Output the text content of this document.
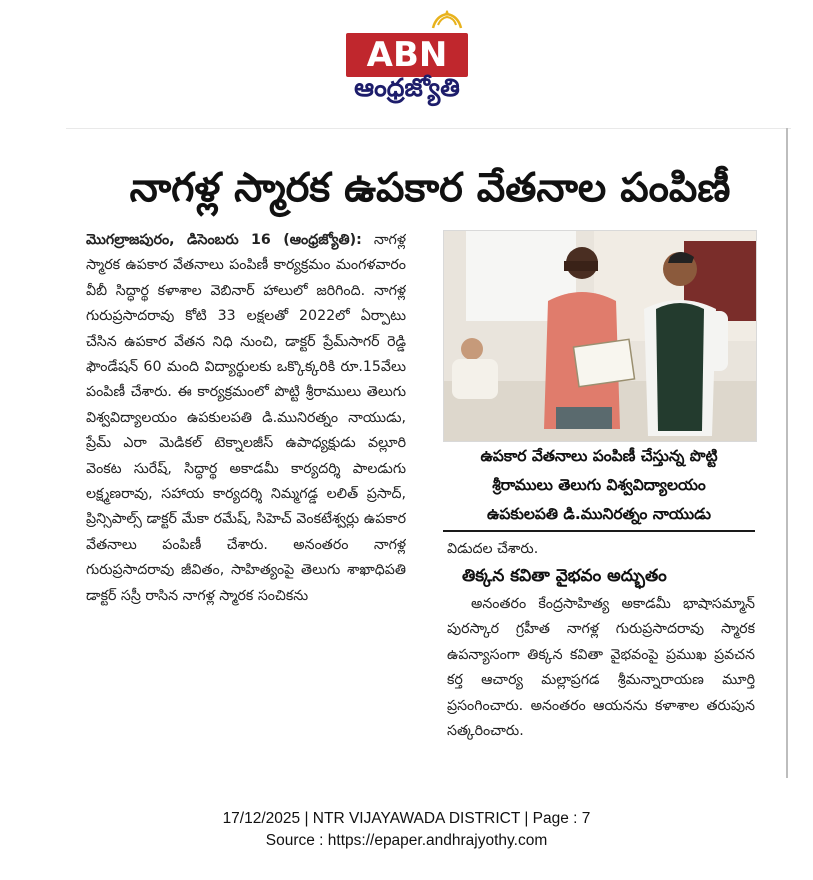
ABN
ఆంధ్రజ్యోతి
నాగళ్ల స్మారక ఉపకార వేతనాల పంపిణీ
మొగల్రాజపురం, డిసెంబరు 16 (ఆంధ్రజ్యోతి): నాగళ్ల స్మారక ఉపకార వేతనాలు పంపిణీ కార్యక్రమం మంగళవారం వీబీ సిద్ధార్థ కళాశాల వెబినార్ హాలులో జరిగింది. నాగళ్ల గురుప్రసాదరావు కోటి 33 లక్షలతో 2022లో ఏర్పాటు చేసిన ఉపకార వేతన నిధి నుంచి, డాక్టర్ ప్రేమ్‌సాగర్ రెడ్డి ఫౌండేషన్ 60 మంది విద్యార్థులకు ఒక్కొక్కరికి రూ.15వేలు పంపిణీ చేశారు. ఈ కార్యక్రమంలో పొట్టి శ్రీరాములు తెలుగు విశ్వవిద్యాలయం ఉపకులపతి డి.మునిరత్నం నాయుడు, ప్రేమ్ ఎరా మెడికల్ టెక్నాలజీస్ ఉపాధ్యక్షుడు వల్లూరి వెంకట సురేష్, సిద్ధార్థ అకాడమీ కార్యదర్శి పాలడుగు లక్ష్మణరావు, సహాయ కార్యదర్శి నిమ్మగడ్డ లలిత్ ప్రసాద్, ప్రిన్సిపాల్స్ డాక్టర్ మేకా రమేష్, సిహెచ్ వెంకటేశ్వర్లు ఉపకార వేతనాలు పంపిణీ చేశారు. అనంతరం నాగళ్ల గురుప్రసాదరావు జీవితం, సాహిత్యంపై తెలుగు శాఖాధిపతి డాక్టర్ సస్రీ రాసిన నాగళ్ల స్మారక సంచికను
ఉపకార వేతనాలు పంపిణీ చేస్తున్న పొట్టి
శ్రీరాములు తెలుగు విశ్వవిద్యాలయం
ఉపకులపతి డి.మునిరత్నం నాయుడు
విడుదల చేశారు.
తిక్కన కవితా వైభవం అద్భుతం
అనంతరం కేంద్రసాహిత్య అకాడమీ భాషాసమ్మాన్ పురస్కార గ్రహీత నాగళ్ల గురుప్రసాదరావు స్మారక ఉపన్యాసంగా తిక్కన కవితా వైభవంపై ప్రముఖ ప్రవచన కర్త ఆచార్య మల్లాప్రగడ శ్రీమన్నారాయణ మూర్తి ప్రసంగించారు. అనంతరం ఆయనను కళాశాల తరుపున సత్కరించారు.
17/12/2025 | NTR VIJAYAWADA DISTRICT | Page : 7
Source : https://epaper.andhrajyothy.com
